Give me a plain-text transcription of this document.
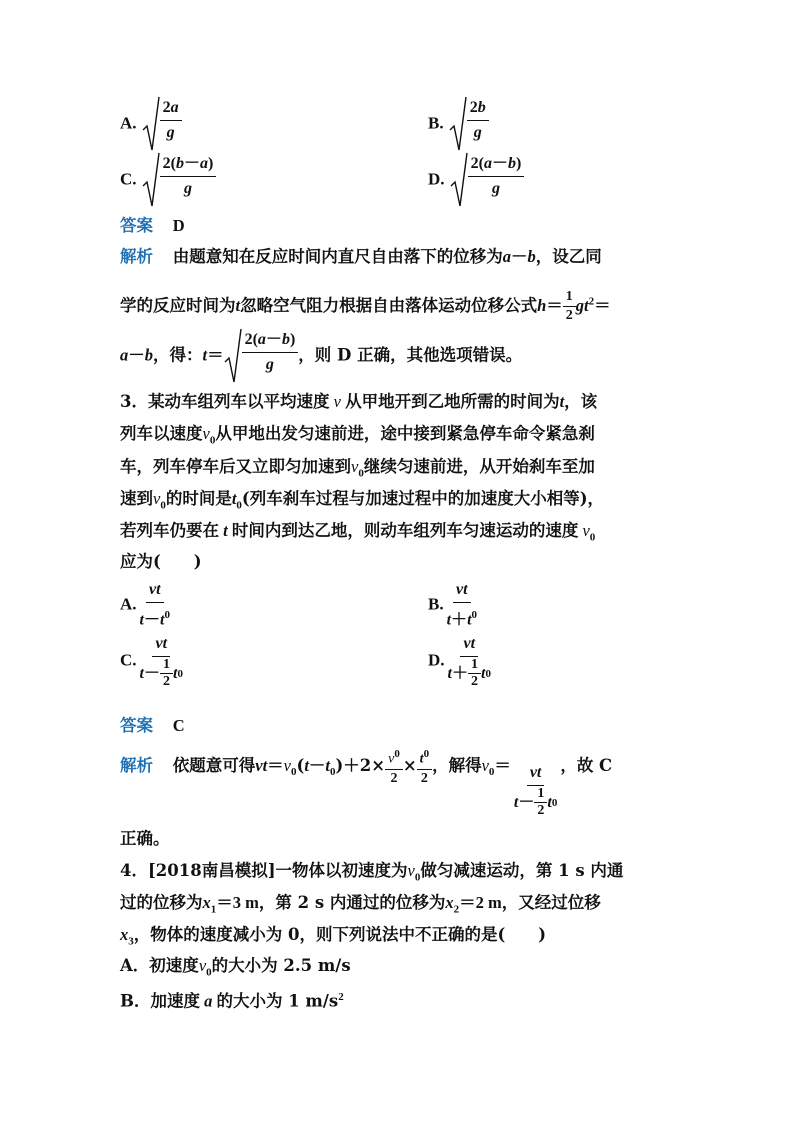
A. $\frac{2a}{g}$	B. $\frac{2b}{g}$
C. $\frac{2(b-a)}{g}$	D. $\frac{2(a-b)}{g}$
答案 D
解析 由题意知在反应时间内直尺自由落下的位移为a－b，设乙同
学的反应时间为t忽略空气阻力根据自由落体运动位移公式$h= \frac{1}{2} gt^2=$
a－b，得：$t= \frac{2(a-b)}{g}$ ，则 D 正确，其他选项错误。
3．某动车组列车以平均速度 v 从甲地开到乙地所需的时间为t，该
列车以速度$v_0$从甲地出发匀速前进，途中接到紧急停车命令紧急刹
车，列车停车后又立即匀加速到$v_0$继续匀速前进，从开始刹车至加
速到$v_0$的时间是$t_0$(列车刹车过程与加速过程中的加速度大小相等)，
若列车仍要在 t 时间内到达乙地，则动车组列车匀速运动的速度 $v_0$
应为(　　)
A. $\frac{vt}{t-t^0}$	B. $\frac{vt}{t+t^0}$
C. $\frac{vt}{t - \frac{1}{2} t 0}$	D. $\frac{vt}{t + \frac{1}{2} t 0}$
答案 C
解析 依题意可得$vt=v_0(t-t_0)+2\times \frac{v^0}{2} \times \frac{t^0}{2}$ ，解得$v_0= \frac{vt}{t - \frac{1}{2} t 0}$ ，故 C
正确。
4．[2018南昌模拟]一物体以初速度为$v_0$做匀减速运动，第 1 s 内通
过的位移为$x_1=3$ m，第 2 s 内通过的位移为$x_2=2$ m，又经过位移
$x_3$，物体的速度减小为 0，则下列说法中不正确的是(　　)
A．初速度$v_0$的大小为 2.5 m/s
B．加速度 a 的大小为 1 $m/s^2$
